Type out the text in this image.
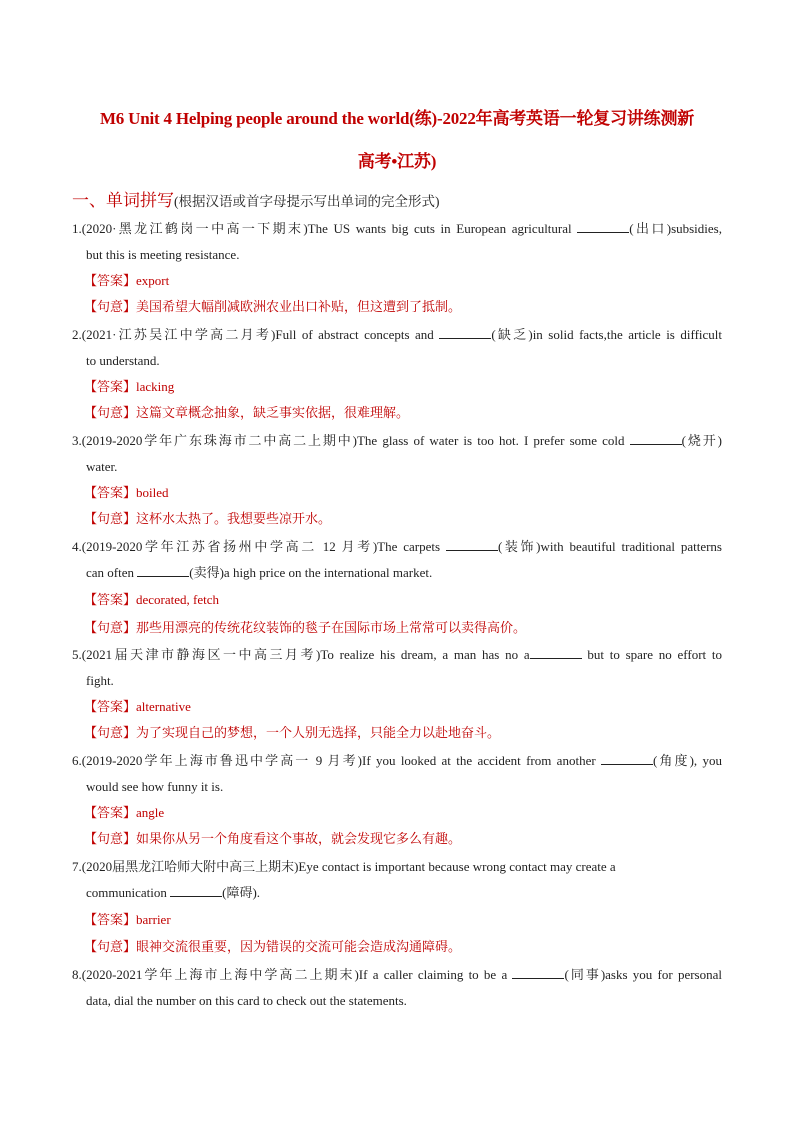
M6 Unit 4 Helping people around the world(练)-2022年高考英语一轮复习讲练测新
高考•江苏)
一、单词拼写(根据汉语或首字母提示写出单词的完全形式)
1.(2020·黑龙江鹤岗一中高一下期末)The US wants big cuts in European agricultural	(出口)subsidies,
but this is meeting resistance.
【答案】export
【句意】美国希望大幅削减欧洲农业出口补贴，但这遭到了抵制。
2.(2021·江苏吴江中学高二月考)Full of abstract concepts and	(缺乏)in solid facts,the article is difficult
to understand.
【答案】lacking
【句意】这篇文章概念抽象，缺乏事实依据，很难理解。
3.(2019-2020学年广东珠海市二中高二上期中)The glass of water is too hot. I prefer some cold	(烧开)
water.
【答案】boiled
【句意】这杯水太热了。我想要些凉开水。
4.(2019-2020学年江苏省扬州中学高二 12 月考)The carpets	(装饰)with beautiful traditional patterns
can often	(卖得)a high price on the international market.
【答案】decorated, fetch
【句意】那些用漂亮的传统花纹装饰的毯子在国际市场上常常可以卖得高价。
5.(2021届天津市静海区一中高三月考)To realize his dream, a man has no a	but to spare no effort to
fight.
【答案】alternative
【句意】为了实现自己的梦想，一个人别无选择，只能全力以赴地奋斗。
6.(2019-2020学年上海市鲁迅中学高一 9 月考)If you looked at the accident from another	(角度), you
would see how funny it is.
【答案】angle
【句意】如果你从另一个角度看这个事故，就会发现它多么有趣。
7.(2020届黑龙江哈师大附中高三上期末)Eye contact is important because wrong contact may create a
communication	(障碍).
【答案】barrier
【句意】眼神交流很重要，因为错误的交流可能会造成沟通障碍。
8.(2020-2021学年上海市上海中学高二上期末)If a caller claiming to be a	(同事)asks you for personal
data, dial the number on this card to check out the statements.
